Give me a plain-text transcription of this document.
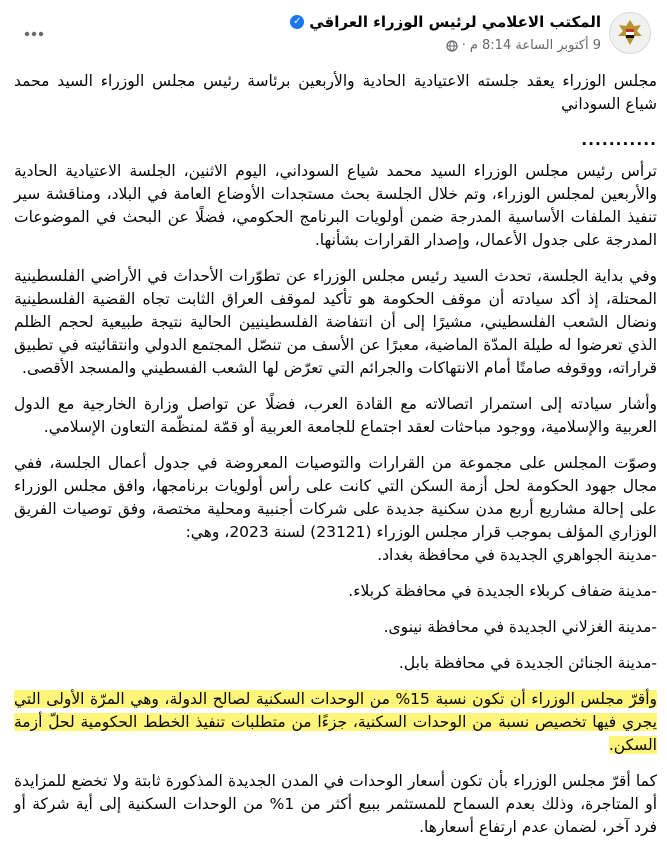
المكتب الاعلامي لرئيس الوزراء العراقي
✓
9 أكتوبر الساعة 8:14 م
·

مجلس الوزراء يعقد جلسته الاعتيادية الحادية والأربعين برئاسة رئيس مجلس الوزراء السيد محمد شياع السوداني

...........

ترأس رئيس مجلس الوزراء السيد محمد شياع السوداني، اليوم الاثنين، الجلسة الاعتيادية الحادية والأربعين لمجلس الوزراء، وتم خلال الجلسة بحث مستجدات الأوضاع العامة في البلاد، ومناقشة سير تنفيذ الملفات الأساسية المدرجة ضمن أولويات البرنامج الحكومي، فضلًا عن البحث في الموضوعات المدرجة على جدول الأعمال، وإصدار القرارات بشأنها.

وفي بداية الجلسة، تحدث السيد رئيس مجلس الوزراء عن تطوّرات الأحداث في الأراضي الفلسطينية المحتلة، إذ أكد سيادته أن موقف الحكومة هو تأكيد لموقف العراق الثابت تجاه القضية الفلسطينية ونضال الشعب الفلسطيني، مشيرًا إلى أن انتفاضة الفلسطينيين الحالية نتيجة طبيعية لحجم الظلم الذي تعرضوا له طيلة المدّة الماضية، معبرًا عن الأسف من تنصّل المجتمع الدولي وانتقائيته في تطبيق قراراته، ووقوفه صامتًا أمام الانتهاكات والجرائم التي تعرّض لها الشعب الفسطيني والمسجد الأقصى.

وأشار سيادته إلى استمرار اتصالاته مع القادة العرب، فضلًا عن تواصل وزارة الخارجية مع الدول العربية والإسلامية، ووجود مباحثات لعقد اجتماع للجامعة العربية أو قمّة لمنظّمة التعاون الإسلامي.

وصوّت المجلس على مجموعة من القرارات والتوصيات المعروضة في جدول أعمال الجلسة، ففي مجال جهود الحكومة لحل أزمة السكن التي كانت على رأس أولويات برنامجها، وافق مجلس الوزراء على إحالة مشاريع أربع مدن سكنية جديدة على شركات أجنبية ومحلية مختصة، وفق توصيات الفريق الوزاري المؤلف بموجب قرار مجلس الوزراء (23121) لسنة 2023، وهي:

-مدينة الجواهري الجديدة في محافظة بغداد.

-مدينة ضفاف كربلاء الجديدة في محافظة كربلاء.

-مدينة الغزلاني الجديدة في محافظة نينوى.

-مدينة الجنائن الجديدة في محافظة بابل.

وأقرّ مجلس الوزراء أن تكون نسبة 15% من الوحدات السكنية لصالح الدولة، وهي المرّة الأولى التي يجري فيها تخصيص نسبة من الوحدات السكنية، جزءًا من متطلبات تنفيذ الخطط الحكومية لحلّ أزمة السكن.

كما أقرّ مجلس الوزراء بأن تكون أسعار الوحدات في المدن الجديدة المذكورة ثابتة ولا تخضع للمزايدة أو المتاجرة، وذلك بعدم السماح للمستثمر ببيع أكثر من 1% من الوحدات السكنية إلى أية شركة أو فرد آخر، لضمان عدم ارتفاع أسعارها.
